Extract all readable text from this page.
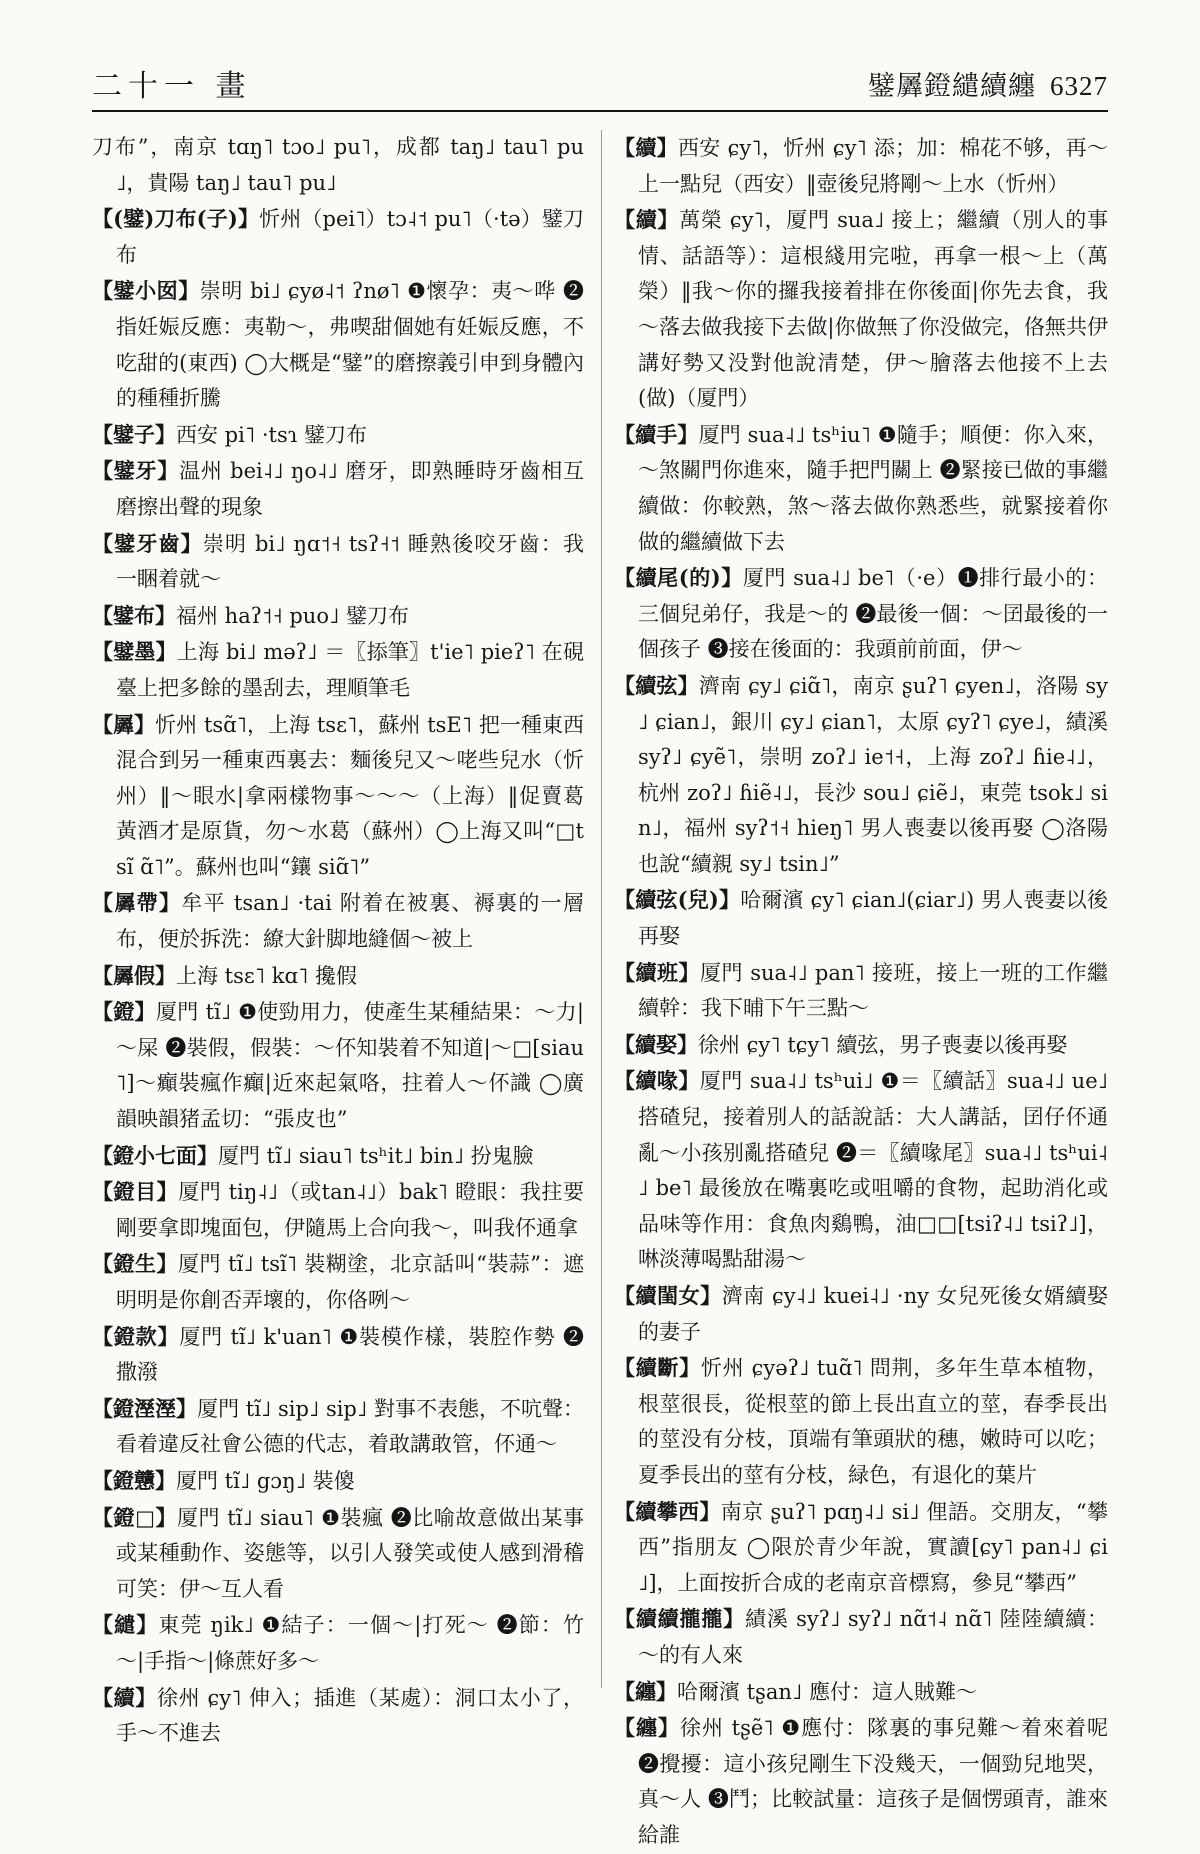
二十一 畫	鐾羼鐙繾續纏 6327

刀布”，南京 tɑŋ˥ tɔo˩ pu˥，成都 taŋ˩ tau˥ pu˩，貴陽 taŋ˩ tau˥ pu˩

【(鐾)刀布(子)】忻州（pei˥）tɔ˨˦ pu˥（·tə）鐾刀布

【鐾小囡】崇明 bi˩ ɕyø˨˦ ʔnø˥ ❶懷孕：夷～哗 ❷指妊娠反應：夷勒～，弗喫甜個她有妊娠反應，不吃甜的(東西) ◯大概是“鐾”的磨擦義引申到身體內的種種折騰

【鐾子】西安 pi˥ ·tsɿ 鐾刀布

【鐾牙】温州 bei˨˩ ŋo˨˩ 磨牙，即熟睡時牙齒相互磨擦出聲的現象

【鐾牙齒】崇明 bi˩ ŋɑ˦˧ tsʔ˧˦ 睡熟後咬牙齒：我一睏着就～

【鐾布】福州 haʔ˦˧ puo˩ 鐾刀布

【鐾墨】上海 bi˩ məʔ˩ ＝〖掭筆〗t'ie˥ pieʔ˥ 在硯臺上把多餘的墨刮去，理順筆毛

【羼】忻州 tsɑ̃˥，上海 tsɛ˥，蘇州 tsE˥ 把一種東西混合到另一種東西裏去：麵後兒又～咾些兒水（忻州）‖～眼水|拿兩樣物事～～～（上海）‖促賣葛黃酒才是原貨，勿～水葛（蘇州）◯上海又叫“□tsĩ ɑ̃˥”。蘇州也叫“鑲 siɑ̃˥”

【羼帶】牟平 tsan˩ ·tai 附着在被裏、褥裏的一層布，便於拆洗：繚大針脚地縫個～被上

【羼假】上海 tsɛ˥ kɑ˥ 攙假

【鐙】厦門 tĩ˩ ❶使勁用力，使產生某種結果：～力|～屎 ❷裝假，假裝：～伓知裝着不知道|～□[siau˥]～癲裝瘋作癲|近來起氣咯，拄着人～伓識 ◯廣韻映韻猪孟切：“張皮也”

【鐙小七面】厦門 tĩ˩ siau˥ tsʰit˩ bin˩ 扮鬼臉

【鐙目】厦門 tiŋ˨˩（或tan˨˩）bak˥ 瞪眼：我拄要剛要拿即塊面包，伊隨馬上合向我～，叫我伓通拿

【鐙生】厦門 tĩ˩ tsĩ˥ 裝糊塗，北京話叫“裝蒜”：遮明明是你創否弄壞的，你佫咧～

【鐙款】厦門 tĩ˩ k'uan˥ ❶裝模作樣，裝腔作勢 ❷撒潑

【鐙溼溼】厦門 tĩ˩ sip˩ sip˩ 對事不表態，不吭聲：看着違反社會公德的代志，着敢講敢管，伓通～

【鐙戇】厦門 tĩ˩ gɔŋ˩ 裝傻

【鐙□】厦門 tĩ˩ siau˥ ❶裝瘋 ❷比喻故意做出某事或某種動作、姿態等，以引人發笑或使人感到滑稽可笑：伊～互人看

【繾】東莞 ŋik˩ ❶結子：一個～|打死～ ❷節：竹～|手指～|條蔗好多～

【續】徐州 ɕy˥ 伸入；插進（某處）：洞口太小了，手～不進去

【續】西安 ɕy˥，忻州 ɕy˥ 添；加：棉花不够，再～上一點兒（西安）‖壺後兒將剛～上水（忻州）

【續】萬榮 ɕy˥，厦門 sua˩ 接上；繼續（別人的事情、話語等）：這根綫用完啦，再拿一根～上（萬榮）‖我～你的攞我接着排在你後面|你先去食，我～落去做我接下去做|你做無了你没做完，佫無共伊講好勢又没對他說清楚，伊～膾落去他接不上去(做)（厦門）

【續手】厦門 sua˨˩ tsʰiu˥ ❶隨手；順便：你入來，～煞關門你進來，隨手把門關上 ❷緊接已做的事繼續做：你較熟，煞～落去做你熟悉些，就緊接着你做的繼續做下去

【續尾(的)】厦門 sua˨˩ be˥（·e）❶排行最小的：三個兒弟仔，我是～的 ❷最後一個：～囝最後的一個孩子 ❸接在後面的：我頭前前面，伊～

【續弦】濟南 ɕy˩ ɕiɑ̃˥，南京 ʂuʔ˥ ɕyen˩，洛陽 sy˩ ɕian˩，銀川 ɕy˩ ɕian˥，太原 ɕyʔ˥ ɕye˩，績溪 syʔ˩ ɕyẽ˥，崇明 zoʔ˩ ie˦˧，上海 zoʔ˩ ɦie˨˩，杭州 zoʔ˩ ɦiẽ˨˩，長沙 sou˩ ɕiẽ˩，東莞 tsok˩ sin˩，福州 syʔ˦˧ hieŋ˥ 男人喪妻以後再娶 ◯洛陽也說“續親 sy˩ tsin˩”

【續弦(兒)】哈爾濱 ɕy˥ ɕian˩(ɕiar˩) 男人喪妻以後再娶

【續班】厦門 sua˨˩ pan˥ 接班，接上一班的工作繼續幹：我下晡下午三點～

【續娶】徐州 ɕy˥ tɕy˥ 續弦，男子喪妻以後再娶

【續喙】厦門 sua˨˩ tsʰui˩ ❶＝〖續話〗sua˨˩ ue˩ 搭碴兒，接着別人的話說話：大人講話，囝仔伓通亂～小孩别亂搭碴兒 ❷＝〖續喙尾〗sua˨˩ tsʰui˨˩ be˥ 最後放在嘴裏吃或咀嚼的食物，起助消化或品味等作用：食魚肉鷄鴨，油□□[tsiʔ˨˩ tsiʔ˩]，啉淡薄喝點甜湯～

【續閨女】濟南 ɕy˨˩ kuei˨˩ ·ny 女兒死後女婿續娶的妻子

【續斷】忻州 ɕyəʔ˩ tuɑ̃˥ 問荆，多年生草本植物，根莖很長，從根莖的節上長出直立的莖，春季長出的莖没有分枝，頂端有筆頭狀的穗，嫩時可以吃；夏季長出的莖有分枝，緑色，有退化的葉片

【續攀西】南京 ʂuʔ˥ pɑŋ˨˩ si˩ 俚語。交朋友，“攀西”指朋友 ◯限於青少年說，實讀[ɕy˥ pan˨˩ ɕi˩]，上面按折合成的老南京音標寫，參見“攀西”

【續續攏攏】績溪 syʔ˩ syʔ˩ nɑ̃˦˨ nɑ̃˥ 陸陸續續：～的有人來

【纏】哈爾濱 tʂan˩ 應付：這人賊難～

【纏】徐州 tʂẽ˥ ❶應付：隊裏的事兒難～着來着呢 ❷攪擾：這小孩兒剛生下没幾天，一個勁兒地哭，真～人 ❸鬥；比較試量：這孩子是個愣頭青，誰來給誰
